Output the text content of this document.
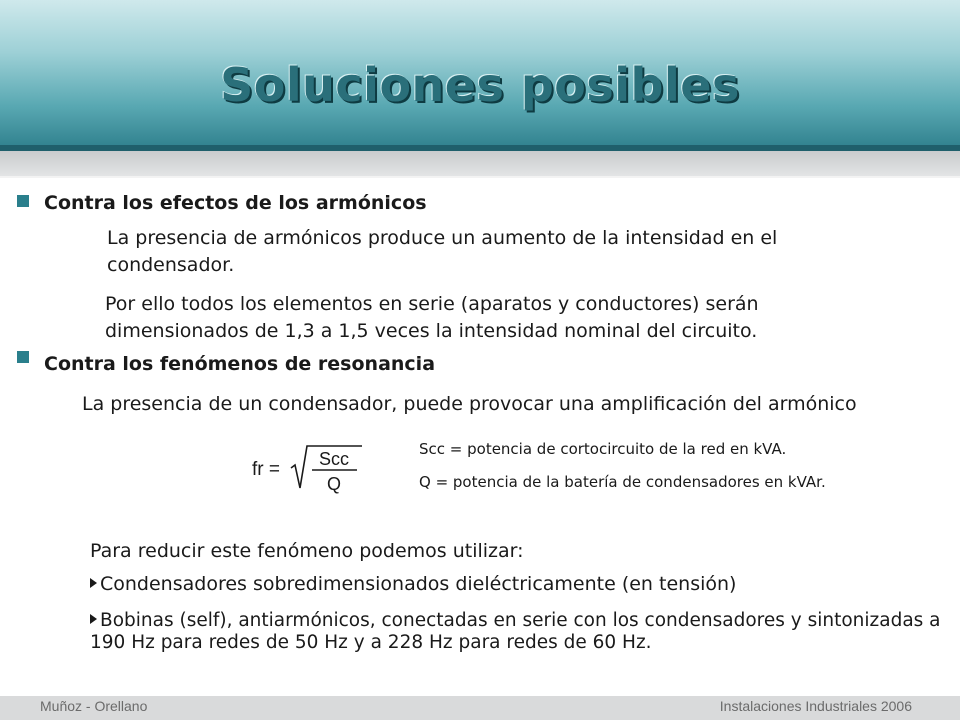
Soluciones posibles
Contra los efectos de los armónicos
La presencia de armónicos produce un aumento de la intensidad en el condensador.
Por ello todos los elementos en serie (aparatos y conductores) serán dimensionados de 1,3 a 1,5 veces la intensidad nominal del circuito.
Contra los fenómenos de resonancia
La presencia de un condensador, puede provocar una amplificación del armónico
fr = Scc
Q
Scc = potencia de cortocircuito de la red en kVA.
Q = potencia de la batería de condensadores en kVAr.
Para reducir este fenómeno podemos utilizar:
Condensadores sobredimensionados dieléctricamente (en tensión)
Bobinas (self), antiarmónicos, conectadas en serie con los condensadores y sintonizadas a 190 Hz para redes de 50 Hz y a 228 Hz para redes de 60 Hz.
Muñoz - Orellano	Instalaciones Industriales 2006
